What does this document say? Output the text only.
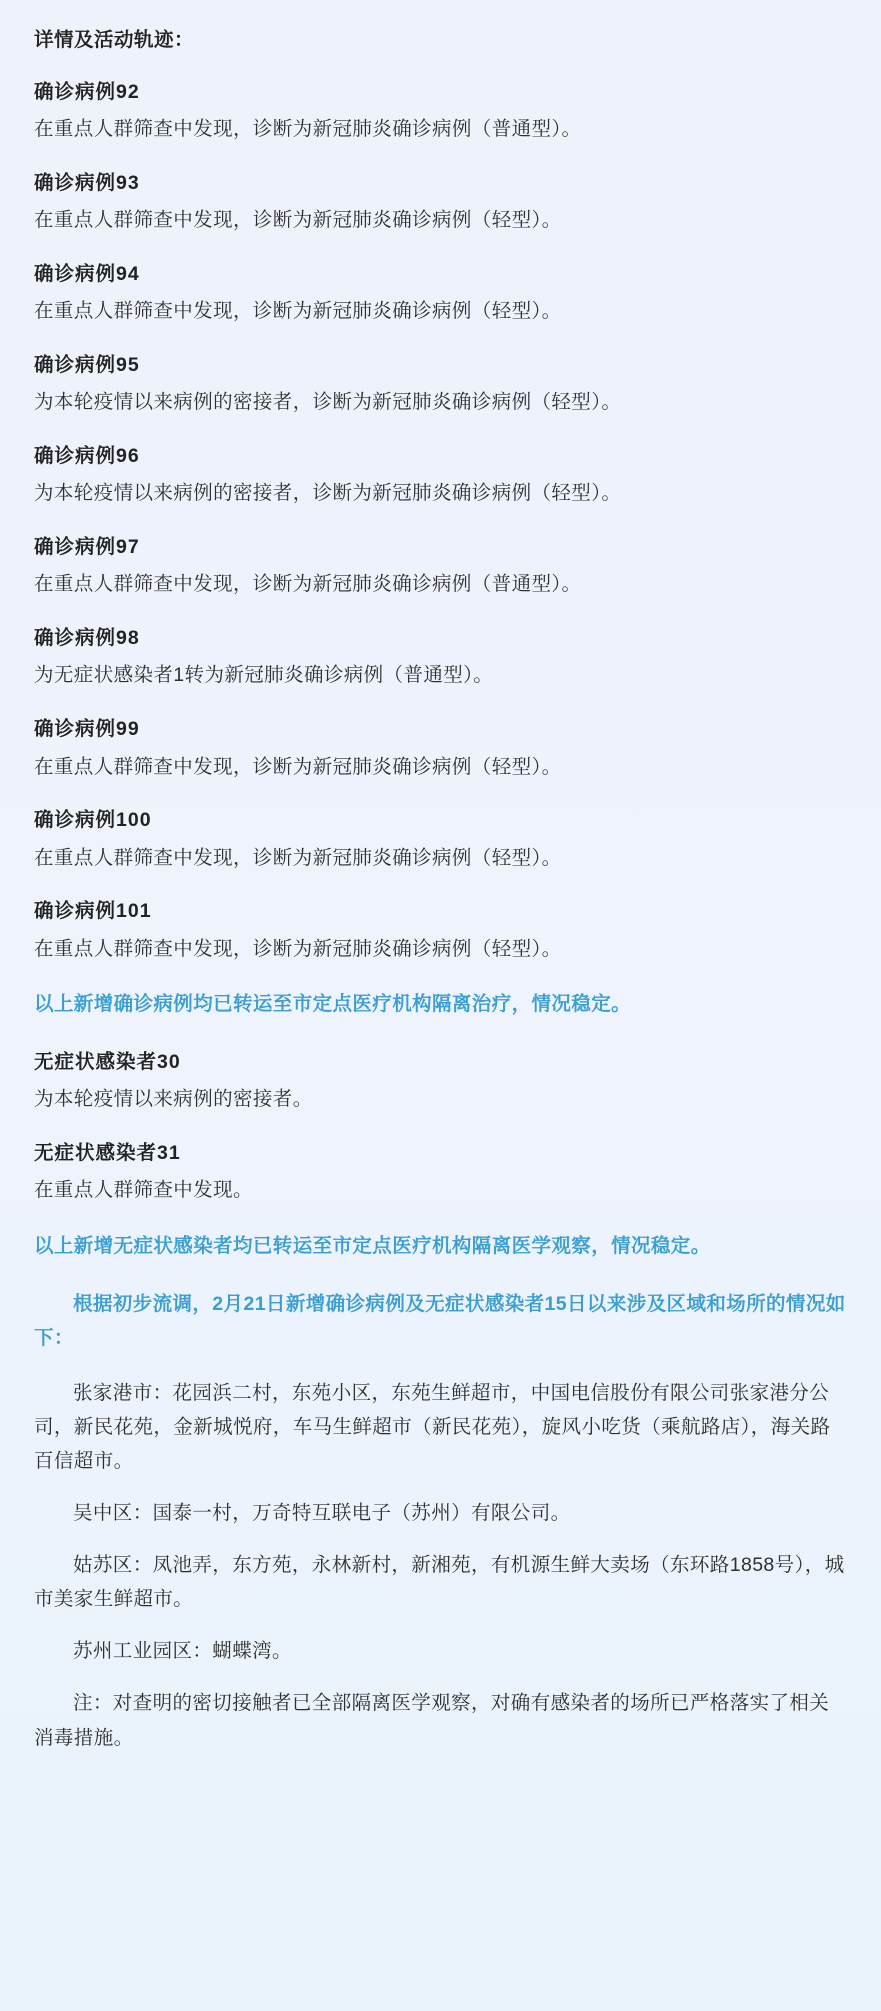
详情及活动轨迹：
确诊病例92
在重点人群筛查中发现，诊断为新冠肺炎确诊病例（普通型）。
确诊病例93
在重点人群筛查中发现，诊断为新冠肺炎确诊病例（轻型）。
确诊病例94
在重点人群筛查中发现，诊断为新冠肺炎确诊病例（轻型）。
确诊病例95
为本轮疫情以来病例的密接者，诊断为新冠肺炎确诊病例（轻型）。
确诊病例96
为本轮疫情以来病例的密接者，诊断为新冠肺炎确诊病例（轻型）。
确诊病例97
在重点人群筛查中发现，诊断为新冠肺炎确诊病例（普通型）。
确诊病例98
为无症状感染者1转为新冠肺炎确诊病例（普通型）。
确诊病例99
在重点人群筛查中发现，诊断为新冠肺炎确诊病例（轻型）。
确诊病例100
在重点人群筛查中发现，诊断为新冠肺炎确诊病例（轻型）。
确诊病例101
在重点人群筛查中发现，诊断为新冠肺炎确诊病例（轻型）。
以上新增确诊病例均已转运至市定点医疗机构隔离治疗，情况稳定。
无症状感染者30
为本轮疫情以来病例的密接者。
无症状感染者31
在重点人群筛查中发现。
以上新增无症状感染者均已转运至市定点医疗机构隔离医学观察，情况稳定。
根据初步流调，2月21日新增确诊病例及无症状感染者15日以来涉及区域和场所的情况如下：
张家港市：花园浜二村，东苑小区，东苑生鲜超市，中国电信股份有限公司张家港分公司，新民花苑，金新城悦府，车马生鲜超市（新民花苑），旋风小吃货（乘航路店），海关路百信超市。
吴中区：国泰一村，万奇特互联电子（苏州）有限公司。
姑苏区：凤池弄，东方苑，永林新村，新湘苑，有机源生鲜大卖场（东环路1858号），城市美家生鲜超市。
苏州工业园区：蝴蝶湾。
注：对查明的密切接触者已全部隔离医学观察，对确有感染者的场所已严格落实了相关消毒措施。
